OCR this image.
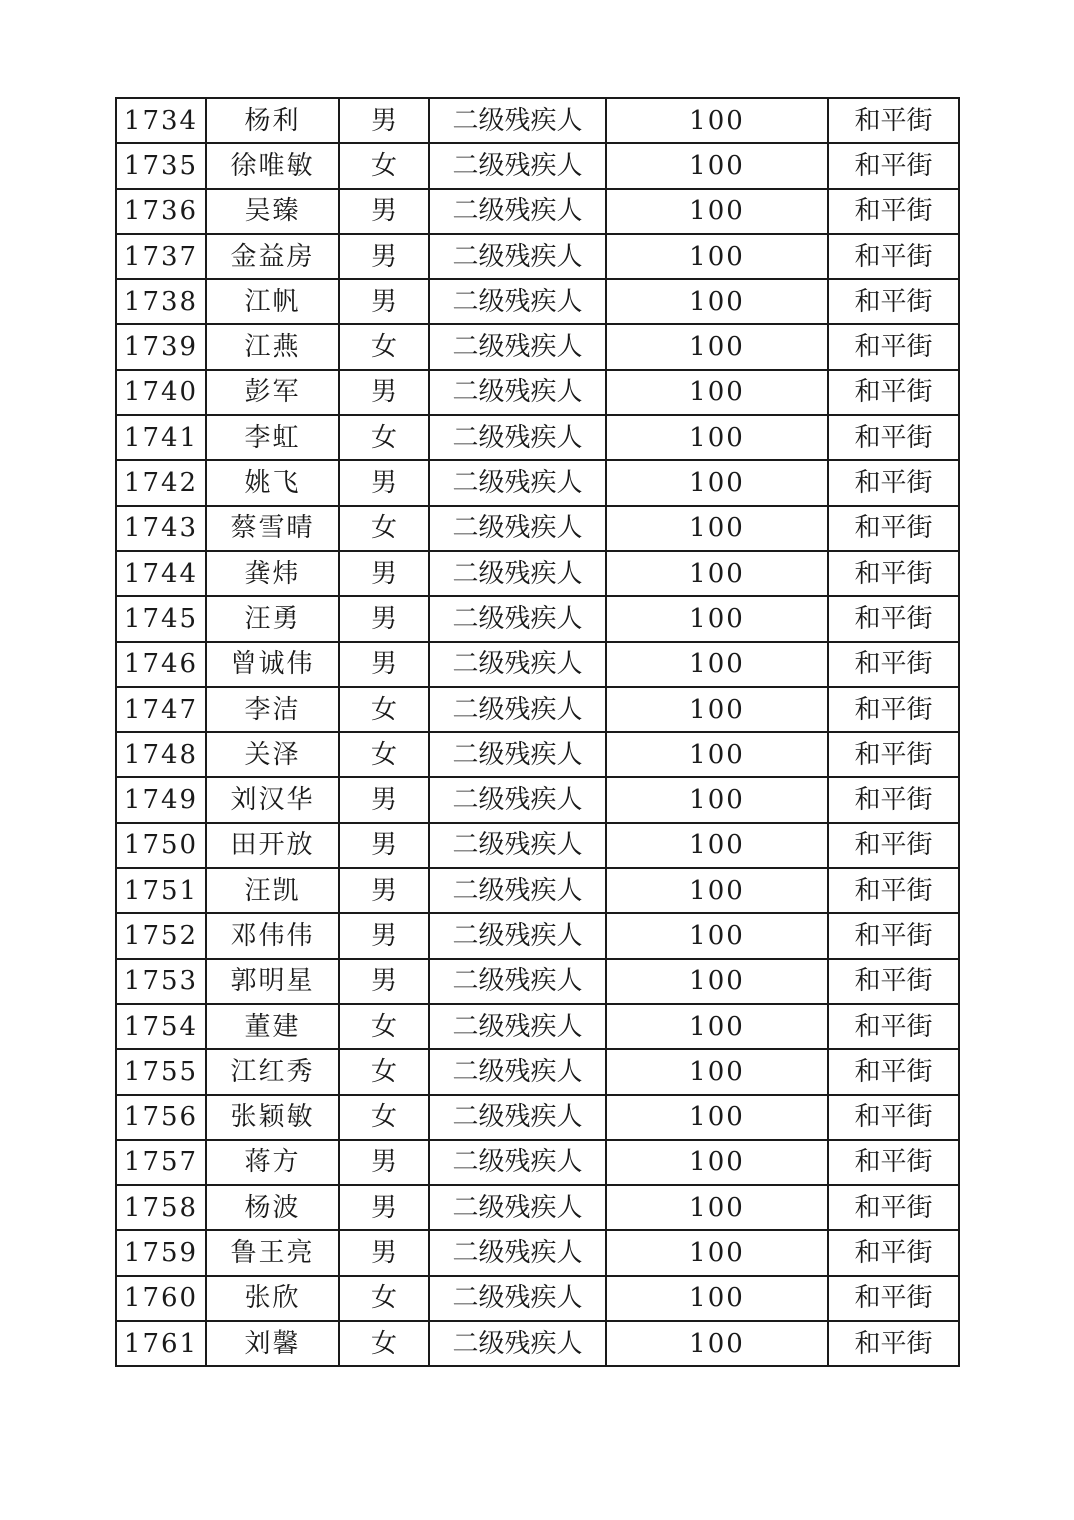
1734	杨利	男	二级残疾人	100	和平街
1735	徐唯敏	女	二级残疾人	100	和平街
1736	吴臻	男	二级残疾人	100	和平街
1737	金益房	男	二级残疾人	100	和平街
1738	江帆	男	二级残疾人	100	和平街
1739	江燕	女	二级残疾人	100	和平街
1740	彭军	男	二级残疾人	100	和平街
1741	李虹	女	二级残疾人	100	和平街
1742	姚飞	男	二级残疾人	100	和平街
1743	蔡雪晴	女	二级残疾人	100	和平街
1744	龚炜	男	二级残疾人	100	和平街
1745	汪勇	男	二级残疾人	100	和平街
1746	曾诚伟	男	二级残疾人	100	和平街
1747	李洁	女	二级残疾人	100	和平街
1748	关泽	女	二级残疾人	100	和平街
1749	刘汉华	男	二级残疾人	100	和平街
1750	田开放	男	二级残疾人	100	和平街
1751	汪凯	男	二级残疾人	100	和平街
1752	邓伟伟	男	二级残疾人	100	和平街
1753	郭明星	男	二级残疾人	100	和平街
1754	董建	女	二级残疾人	100	和平街
1755	江红秀	女	二级残疾人	100	和平街
1756	张颖敏	女	二级残疾人	100	和平街
1757	蒋方	男	二级残疾人	100	和平街
1758	杨波	男	二级残疾人	100	和平街
1759	鲁王亮	男	二级残疾人	100	和平街
1760	张欣	女	二级残疾人	100	和平街
1761	刘馨	女	二级残疾人	100	和平街
